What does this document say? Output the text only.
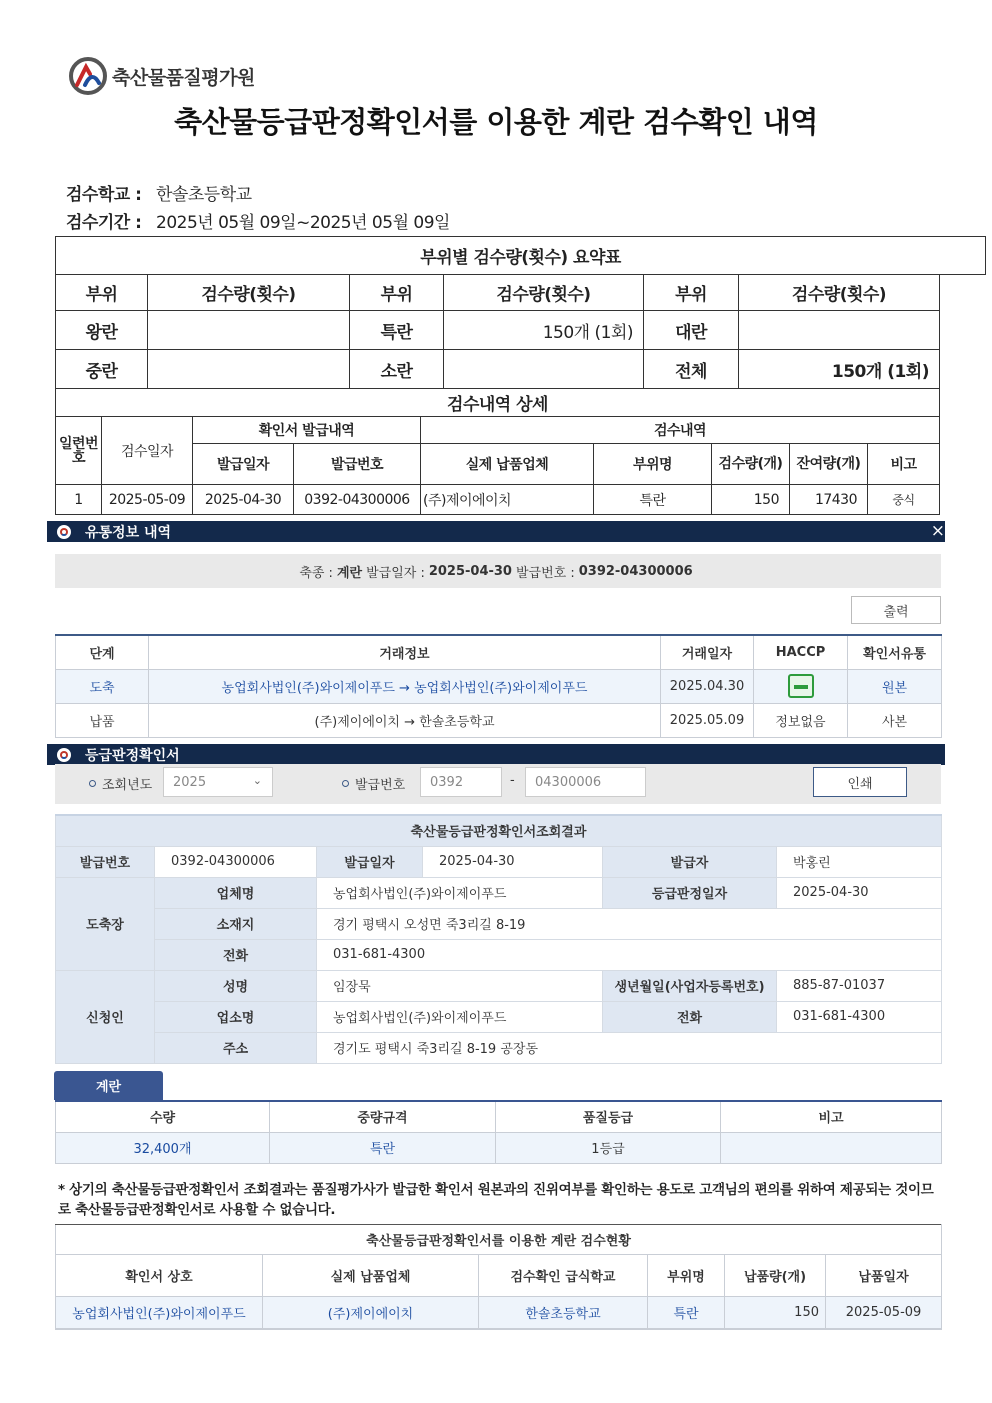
축산물품질평가원
축산물등급판정확인서를 이용한 계란 검수확인 내역
검수학교 : 한솔초등학교
검수기간 : 2025년 05월 09일~2025년 05월 09일
부위별 검수량(횟수) 요약표
부위	검수량(횟수)	부위	검수량(횟수)	부위	검수량(횟수)
왕란		특란	150개 (1회)	대란	
중란		소란		전체	150개 (1회)
검수내역 상세								
일련번호	검수일자	확인서 발급내역		검수내역				
		발급일자	발급번호	실제 납품업체	부위명	검수량(개)	잔여량(개)	비고
1	2025-05-09	2025-04-30	0392-04300006	(주)제이에이치	특란	150	17430	중식
유통정보 내역	×
축종 : 계란 발급일자 : 2025-04-30 발급번호 : 0392-04300006
출력
단계	거래정보	거래일자	HACCP	확인서유통
도축	농업회사법인(주)와이제이푸드 → 농업회사법인(주)와이제이푸드	2025.04.30		원본
납품	(주)제이에이치 → 한솔초등학교	2025.05.09	정보없음	사본
등급판정확인서
조회년도 2025	⌄	발급번호	0392	-	04300006	인쇄
축산물등급판정확인서조회결과				
발급번호	0392-04300006	발급일자 2025-04-30	발급자	박홍린
도축장	업체명	농업회사법인(주)와이제이푸드	등급판정일자	2025-04-30
	소재지	경기 평택시 오성면 죽3리길 8-19		
	전화	031-681-4300		
신청인	성명	임장묵	생년월일(사업자등록번호)	885-87-01037
	업소명	농업회사법인(주)와이제이푸드	전화	031-681-4300
	주소	경기도 평택시 죽3리길 8-19 공장동		
계란
수량	중량규격	품질등급	비고
32,400개	특란	1등급	
* 상기의 축산물등급판정확인서 조회결과는 품질평가사가 발급한 확인서 원본과의 진위여부를 확인하는 용도로 고객님의 편의를 위하여 제공되는 것이므로 축산물등급판정확인서로 사용할 수 없습니다.
축산물등급판정확인서를 이용한 계란 검수현황					
확인서 상호	실제 납품업체	검수확인 급식학교	부위명	납품량(개)	납품일자
농업회사법인(주)와이제이푸드	(주)제이에이치	한솔초등학교	특란	150	2025-05-09
